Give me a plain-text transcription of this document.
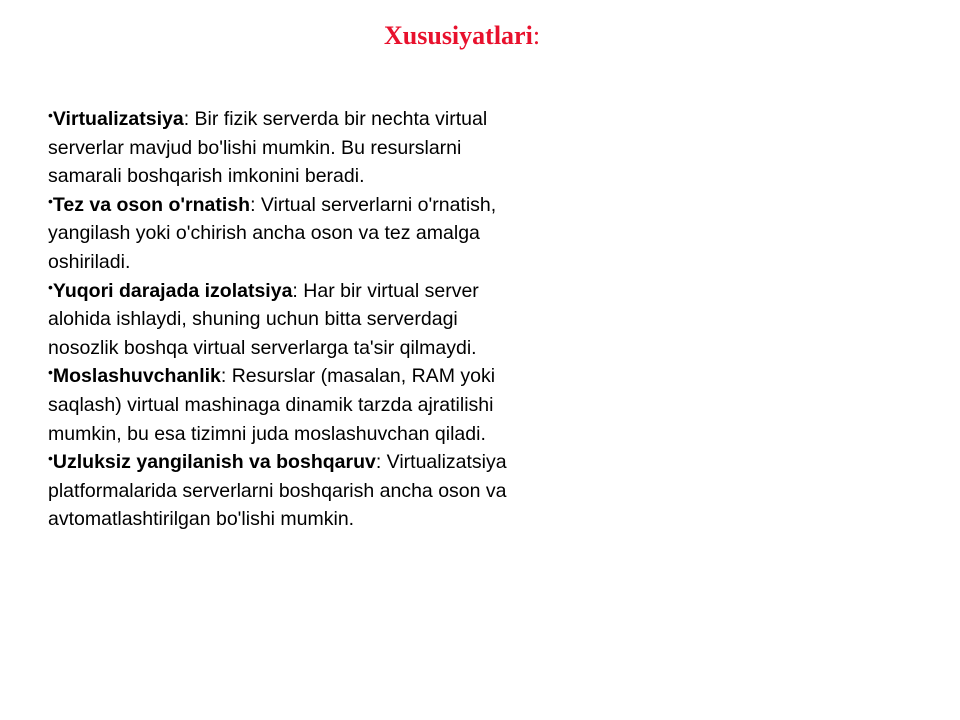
Xususiyatlari:

•Virtualizatsiya: Bir fizik serverda bir nechta virtual serverlar mavjud bo'lishi mumkin. Bu resurslarni samarali boshqarish imkonini beradi.

•Tez va oson o'rnatish: Virtual serverlarni o'rnatish, yangilash yoki o'chirish ancha oson va tez amalga oshiriladi.

•Yuqori darajada izolatsiya: Har bir virtual server alohida ishlaydi, shuning uchun bitta serverdagi nosozlik boshqa virtual serverlarga ta'sir qilmaydi.

•Moslashuvchanlik: Resurslar (masalan, RAM yoki saqlash) virtual mashinaga dinamik tarzda ajratilishi mumkin, bu esa tizimni juda moslashuvchan qiladi.

•Uzluksiz yangilanish va boshqaruv: Virtualizatsiya platformalarida serverlarni boshqarish ancha oson va avtomatlashtirilgan bo'lishi mumkin.
